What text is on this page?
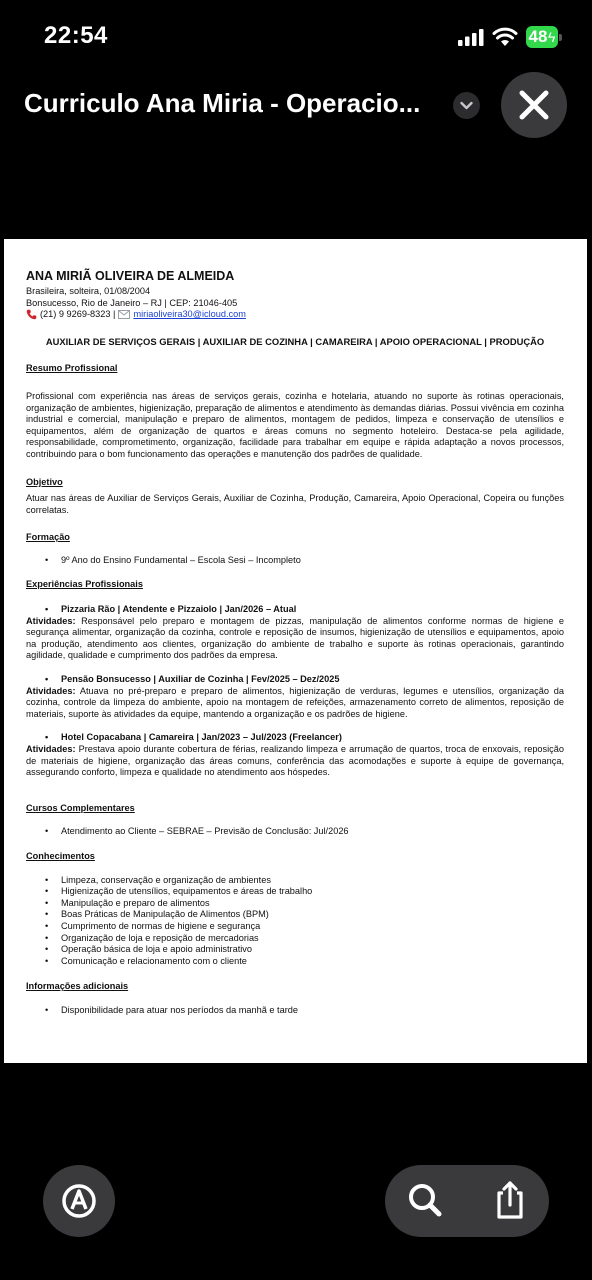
22:54	48 ϟ
Curriculo Ana Miria - Operacio...
ANA MIRIÃ OLIVEIRA DE ALMEIDA
Brasileira, solteira, 01/08/2004
Bonsucesso, Rio de Janeiro – RJ | CEP: 21046-405
(21) 9 9269-8323 | miriaoliveira30@icloud.com
AUXILIAR DE SERVIÇOS GERAIS | AUXILIAR DE COZINHA | CAMAREIRA | APOIO OPERACIONAL | PRODUÇÃO
Resumo Profissional
Profissional com experiência nas áreas de serviços gerais, cozinha e hotelaria, atuando no suporte às rotinas operacionais, organização de ambientes, higienização, preparação de alimentos e atendimento às demandas diárias. Possui vivência em cozinha industrial e comercial, manipulação e preparo de alimentos, montagem de pedidos, limpeza e conservação de utensílios e equipamentos, além de organização de quartos e áreas comuns no segmento hoteleiro. Destaca-se pela agilidade, responsabilidade, comprometimento, organização, facilidade para trabalhar em equipe e rápida adaptação a novos processos, contribuindo para o bom funcionamento das operações e manutenção dos padrões de qualidade.
Objetivo
Atuar nas áreas de Auxiliar de Serviços Gerais, Auxiliar de Cozinha, Produção, Camareira, Apoio Operacional, Copeira ou funções correlatas.
Formação
• 9º Ano do Ensino Fundamental – Escola Sesi – Incompleto
Experiências Profissionais
• Pizzaria Rão | Atendente e Pizzaiolo | Jan/2026 – Atual
Atividades: Responsável pelo preparo e montagem de pizzas, manipulação de alimentos conforme normas de higiene e segurança alimentar, organização da cozinha, controle e reposição de insumos, higienização de utensílios e equipamentos, apoio na produção, atendimento aos clientes, organização do ambiente de trabalho e suporte às rotinas operacionais, garantindo agilidade, qualidade e cumprimento dos padrões da empresa.
• Pensão Bonsucesso | Auxiliar de Cozinha | Fev/2025 – Dez/2025
Atividades: Atuava no pré-preparo e preparo de alimentos, higienização de verduras, legumes e utensílios, organização da cozinha, controle da limpeza do ambiente, apoio na montagem de refeições, armazenamento correto de alimentos, reposição de materiais, suporte às atividades da equipe, mantendo a organização e os padrões de higiene.
• Hotel Copacabana | Camareira | Jan/2023 – Jul/2023 (Freelancer)
Atividades: Prestava apoio durante cobertura de férias, realizando limpeza e arrumação de quartos, troca de enxovais, reposição de materiais de higiene, organização das áreas comuns, conferência das acomodações e suporte à equipe de governança, assegurando conforto, limpeza e qualidade no atendimento aos hóspedes.
Cursos Complementares
• Atendimento ao Cliente – SEBRAE – Previsão de Conclusão: Jul/2026
Conhecimentos
• Limpeza, conservação e organização de ambientes
• Higienização de utensílios, equipamentos e áreas de trabalho
• Manipulação e preparo de alimentos
• Boas Práticas de Manipulação de Alimentos (BPM)
• Cumprimento de normas de higiene e segurança
• Organização de loja e reposição de mercadorias
• Operação básica de loja e apoio administrativo
• Comunicação e relacionamento com o cliente
Informações adicionais
• Disponibilidade para atuar nos períodos da manhã e tarde
